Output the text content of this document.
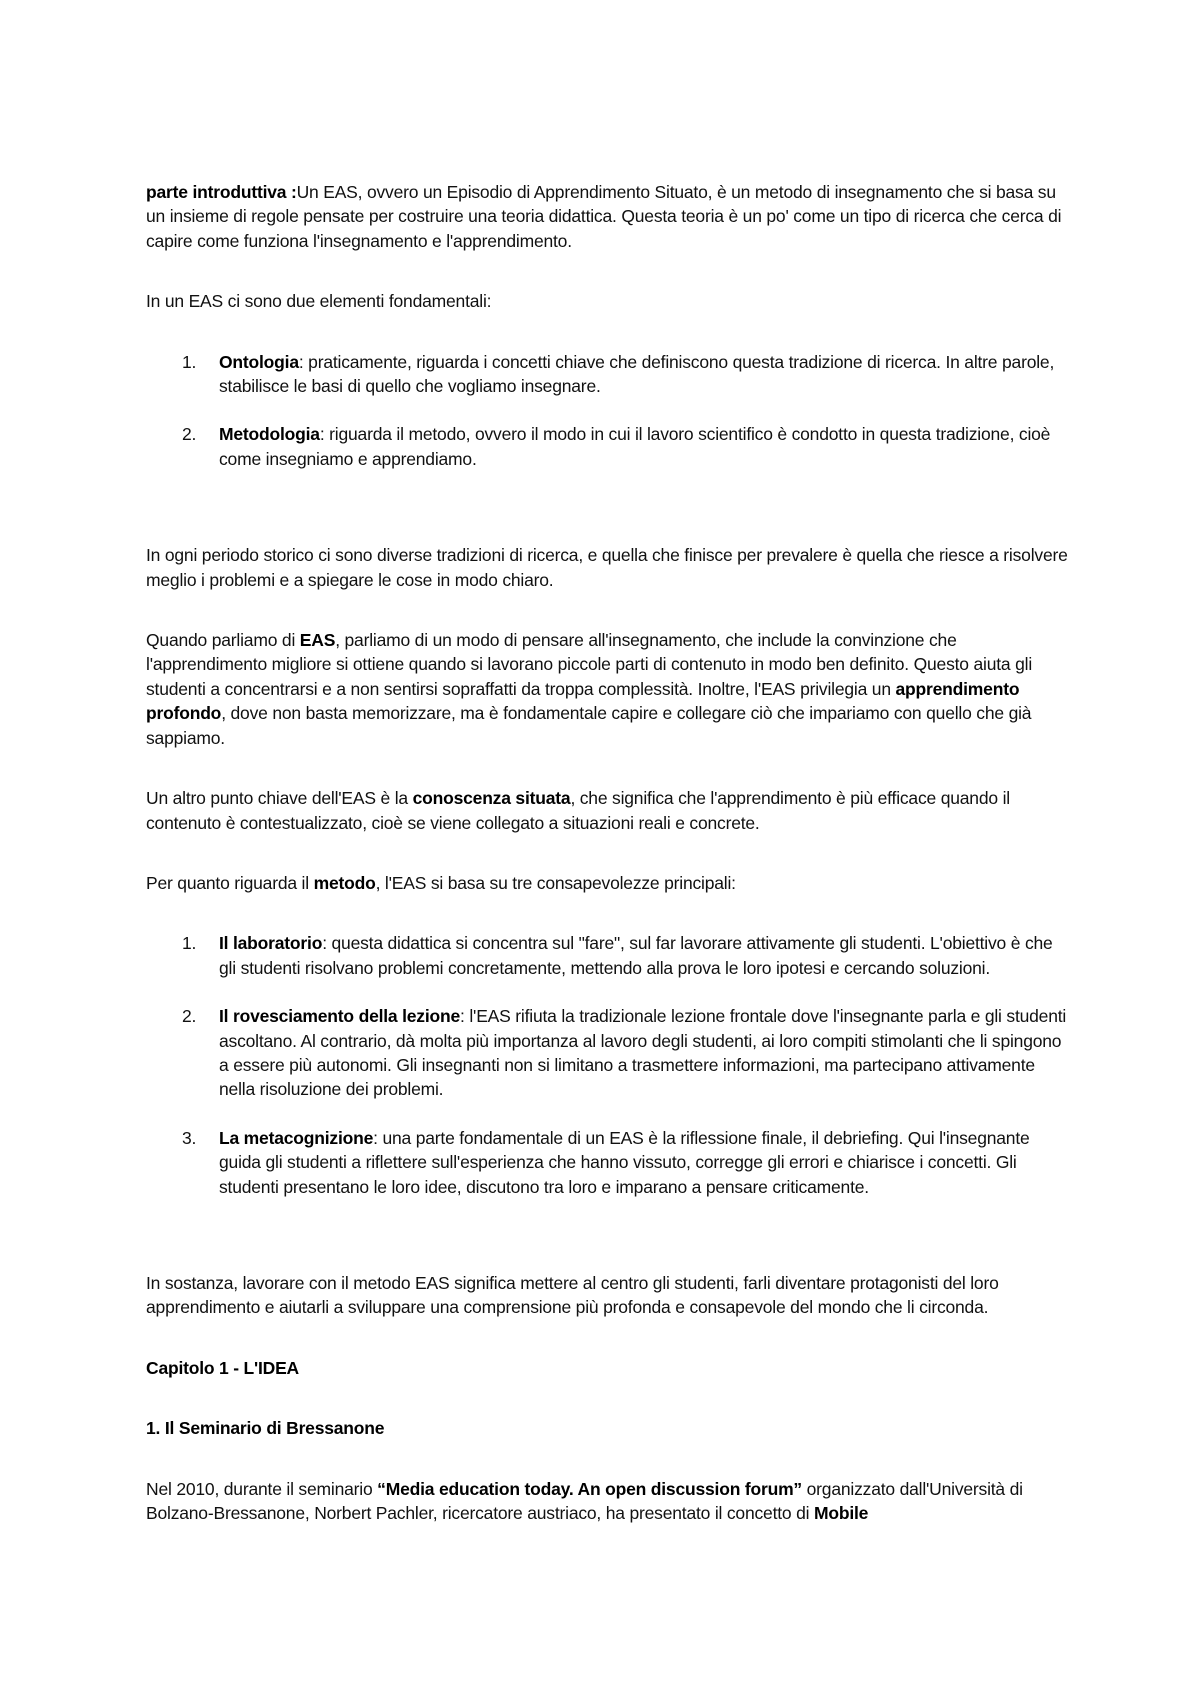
parte introduttiva :Un EAS, ovvero un Episodio di Apprendimento Situato, è un metodo di insegnamento che si basa su un insieme di regole pensate per costruire una teoria didattica. Questa teoria è un po' come un tipo di ricerca che cerca di capire come funziona l'insegnamento e l'apprendimento.

In un EAS ci sono due elementi fondamentali:

1. Ontologia: praticamente, riguarda i concetti chiave che definiscono questa tradizione di ricerca. In altre parole, stabilisce le basi di quello che vogliamo insegnare.
2. Metodologia: riguarda il metodo, ovvero il modo in cui il lavoro scientifico è condotto in questa tradizione, cioè come insegniamo e apprendiamo.

In ogni periodo storico ci sono diverse tradizioni di ricerca, e quella che finisce per prevalere è quella che riesce a risolvere meglio i problemi e a spiegare le cose in modo chiaro.

Quando parliamo di EAS, parliamo di un modo di pensare all'insegnamento, che include la convinzione che l'apprendimento migliore si ottiene quando si lavorano piccole parti di contenuto in modo ben definito. Questo aiuta gli studenti a concentrarsi e a non sentirsi sopraffatti da troppa complessità. Inoltre, l'EAS privilegia un apprendimento profondo, dove non basta memorizzare, ma è fondamentale capire e collegare ciò che impariamo con quello che già sappiamo.

Un altro punto chiave dell'EAS è la conoscenza situata, che significa che l'apprendimento è più efficace quando il contenuto è contestualizzato, cioè se viene collegato a situazioni reali e concrete.

Per quanto riguarda il metodo, l'EAS si basa su tre consapevolezze principali:

1. Il laboratorio: questa didattica si concentra sul "fare", sul far lavorare attivamente gli studenti. L'obiettivo è che gli studenti risolvano problemi concretamente, mettendo alla prova le loro ipotesi e cercando soluzioni.
2. Il rovesciamento della lezione: l'EAS rifiuta la tradizionale lezione frontale dove l'insegnante parla e gli studenti ascoltano. Al contrario, dà molta più importanza al lavoro degli studenti, ai loro compiti stimolanti che li spingono a essere più autonomi. Gli insegnanti non si limitano a trasmettere informazioni, ma partecipano attivamente nella risoluzione dei problemi.
3. La metacognizione: una parte fondamentale di un EAS è la riflessione finale, il debriefing. Qui l'insegnante guida gli studenti a riflettere sull'esperienza che hanno vissuto, corregge gli errori e chiarisce i concetti. Gli studenti presentano le loro idee, discutono tra loro e imparano a pensare criticamente.

In sostanza, lavorare con il metodo EAS significa mettere al centro gli studenti, farli diventare protagonisti del loro apprendimento e aiutarli a sviluppare una comprensione più profonda e consapevole del mondo che li circonda.

Capitolo 1 - L'IDEA

1. Il Seminario di Bressanone

Nel 2010, durante il seminario “Media education today. An open discussion forum” organizzato dall'Università di Bolzano-Bressanone, Norbert Pachler, ricercatore austriaco, ha presentato il concetto di Mobile
